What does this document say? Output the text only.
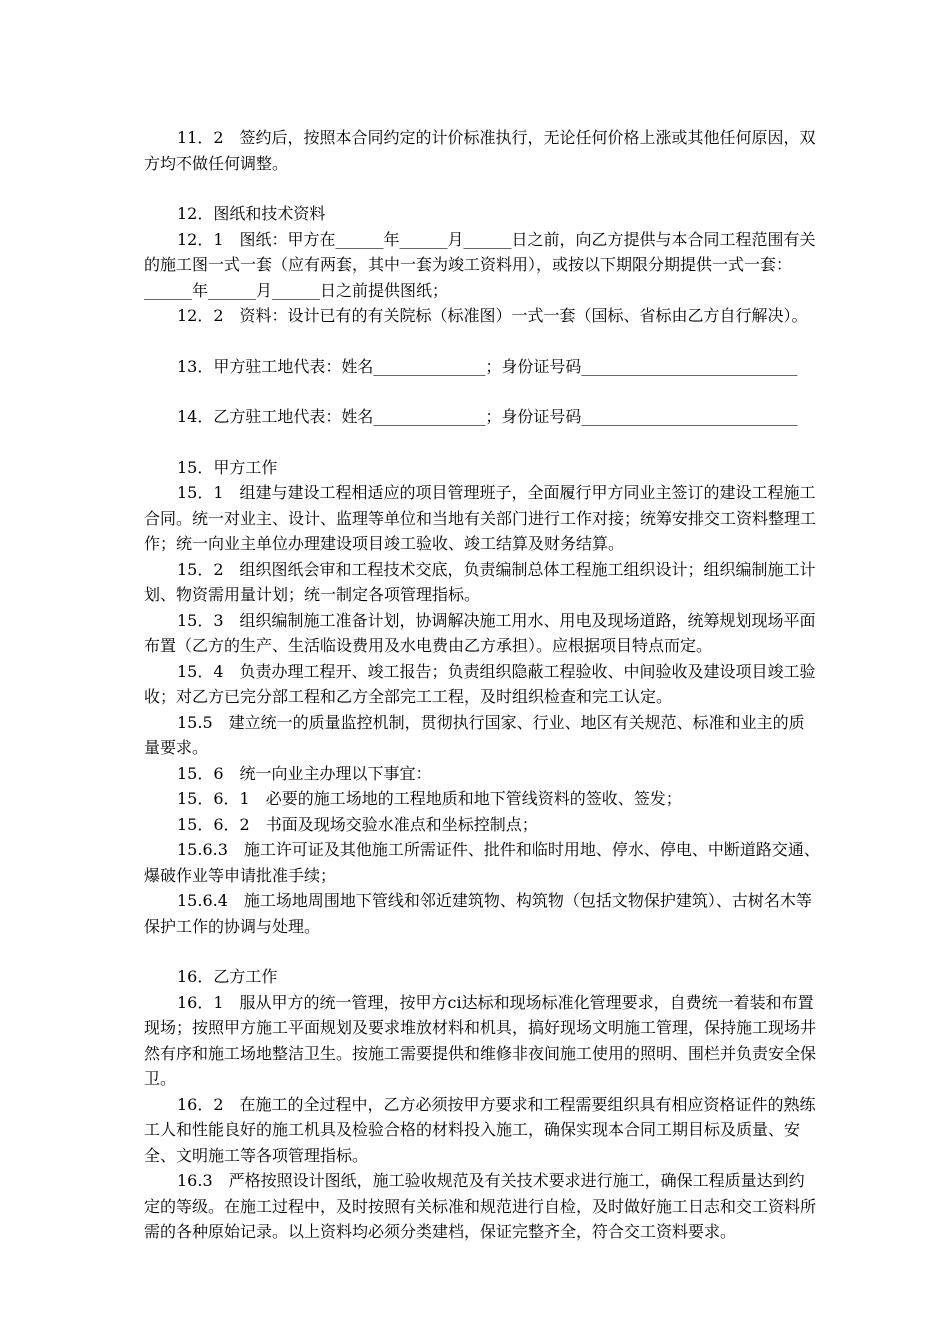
11．2　签约后，按照本合同约定的计价标准执行，无论任何价格上涨或其他任何原因，双方均不做任何调整。

12．图纸和技术资料

12．1　图纸：甲方在______年______月______日之前，向乙方提供与本合同工程范围有关的施工图一式一套（应有两套，其中一套为竣工资料用），或按以下期限分期提供一式一套：______年______月______日之前提供图纸；

12．2　资料：设计已有的有关院标（标准图）一式一套（国标、省标由乙方自行解决）。

13．甲方驻工地代表：姓名______________；身份证号码___________________________

14．乙方驻工地代表：姓名______________；身份证号码___________________________

15．甲方工作

15．1　组建与建设工程相适应的项目管理班子，全面履行甲方同业主签订的建设工程施工合同。统一对业主、设计、监理等单位和当地有关部门进行工作对接；统筹安排交工资料整理工作；统一向业主单位办理建设项目竣工验收、竣工结算及财务结算。

15．2　组织图纸会审和工程技术交底，负责编制总体工程施工组织设计；组织编制施工计划、物资需用量计划；统一制定各项管理指标。

15．3　组织编制施工准备计划，协调解决施工用水、用电及现场道路，统筹规划现场平面布置（乙方的生产、生活临设费用及水电费由乙方承担）。应根据项目特点而定。

15．4　负责办理工程开、竣工报告；负责组织隐蔽工程验收、中间验收及建设项目竣工验收；对乙方已完分部工程和乙方全部完工工程，及时组织检查和完工认定。

15.5　建立统一的质量监控机制，贯彻执行国家、行业、地区有关规范、标准和业主的质量要求。

15．6　统一向业主办理以下事宜：

15．6．1　必要的施工场地的工程地质和地下管线资料的签收、签发；

15．6．2　书面及现场交验水准点和坐标控制点；

15.6.3　施工许可证及其他施工所需证件、批件和临时用地、停水、停电、中断道路交通、爆破作业等申请批准手续；

15.6.4　施工场地周围地下管线和邻近建筑物、构筑物（包括文物保护建筑）、古树名木等保护工作的协调与处理。

16．乙方工作

16．1　服从甲方的统一管理，按甲方ci达标和现场标准化管理要求，自费统一着装和布置现场；按照甲方施工平面规划及要求堆放材料和机具，搞好现场文明施工管理，保持施工现场井然有序和施工场地整洁卫生。按施工需要提供和维修非夜间施工使用的照明、围栏并负责安全保卫。

16．2　在施工的全过程中，乙方必须按甲方要求和工程需要组织具有相应资格证件的熟练工人和性能良好的施工机具及检验合格的材料投入施工，确保实现本合同工期目标及质量、安全、文明施工等各项管理指标。

16.3　严格按照设计图纸，施工验收规范及有关技术要求进行施工，确保工程质量达到约定的等级。在施工过程中，及时按照有关标准和规范进行自检，及时做好施工日志和交工资料所需的各种原始记录。以上资料均必须分类建档，保证完整齐全，符合交工资料要求。
